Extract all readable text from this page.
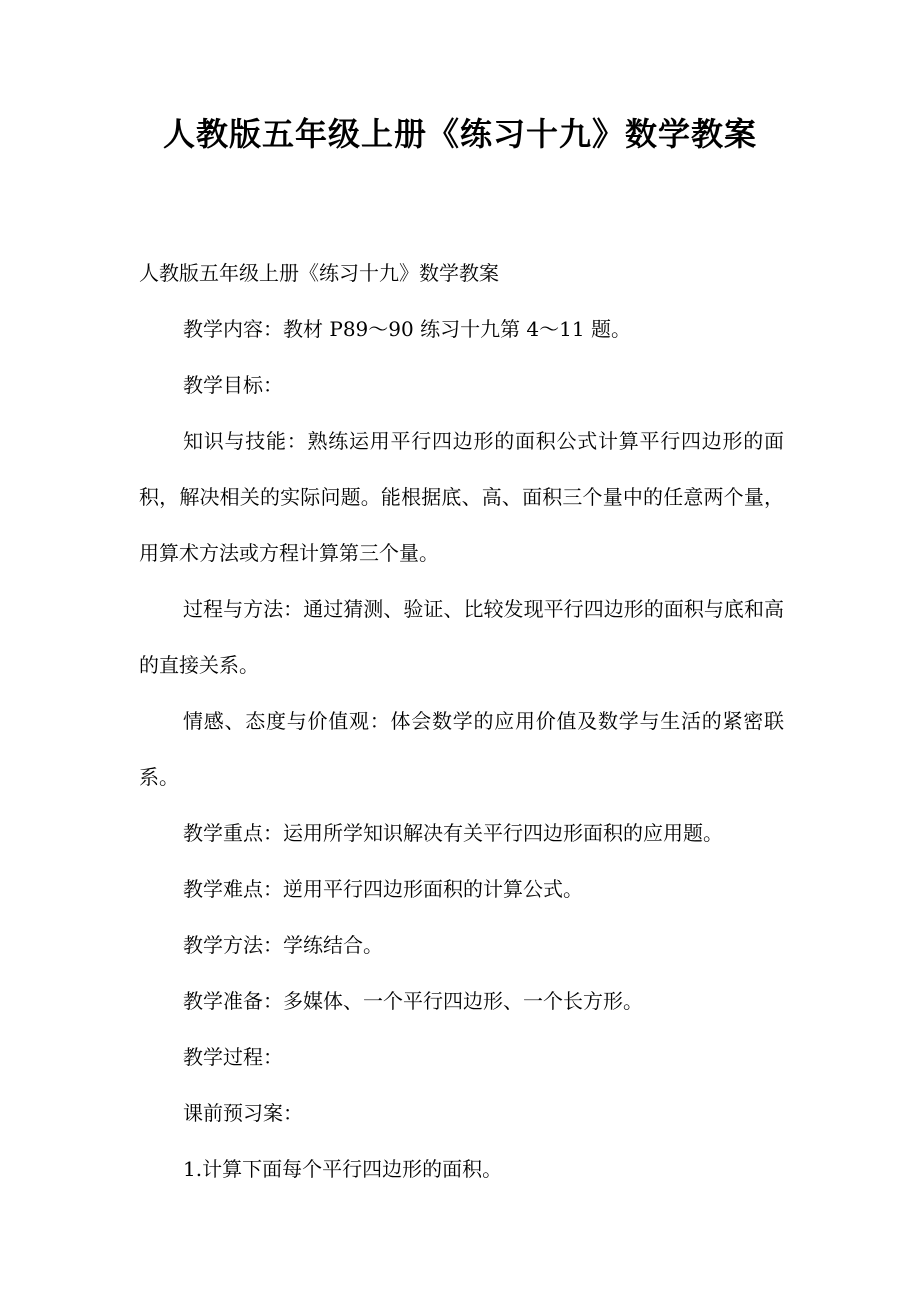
人教版五年级上册《练习十九》数学教案

人教版五年级上册《练习十九》数学教案

教学内容：教材 P89～90 练习十九第 4～11 题。

教学目标：

知识与技能：熟练运用平行四边形的面积公式计算平行四边形的面积，解决相关的实际问题。能根据底、高、面积三个量中的任意两个量，用算术方法或方程计算第三个量。

过程与方法：通过猜测、验证、比较发现平行四边形的面积与底和高的直接关系。

情感、态度与价值观：体会数学的应用价值及数学与生活的紧密联系。

教学重点：运用所学知识解决有关平行四边形面积的应用题。

教学难点：逆用平行四边形面积的计算公式。

教学方法：学练结合。

教学准备：多媒体、一个平行四边形、一个长方形。

教学过程：

课前预习案：

1.计算下面每个平行四边形的面积。
